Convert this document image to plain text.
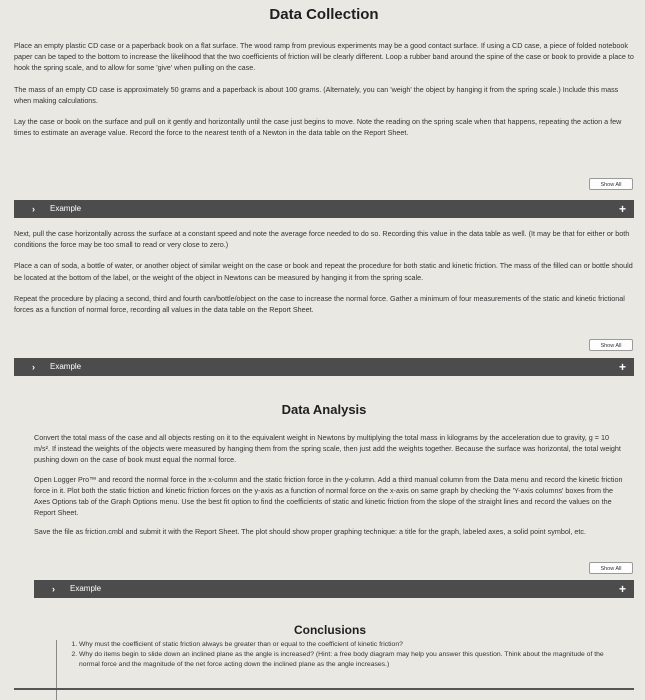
Data Collection

Place an empty plastic CD case or a paperback book on a flat surface. The wood ramp from previous experiments may be a good contact surface. If using a CD case, a piece of folded notebook paper can be taped to the bottom to increase the likelihood that the two coefficients of friction will be clearly different. Loop a rubber band around the spine of the case or book to provide a place to hook the spring scale, and to allow for some 'give' when pulling on the case.

The mass of an empty CD case is approximately 50 grams and a paperback is about 100 grams. (Alternately, you can 'weigh' the object by hanging it from the spring scale.) Include this mass when making calculations.

Lay the case or book on the surface and pull on it gently and horizontally until the case just begins to move. Note the reading on the spring scale when that happens, repeating the action a few times to estimate an average value. Record the force to the nearest tenth of a Newton in the data table on the Report Sheet.

Show All
› Example	+

Next, pull the case horizontally across the surface at a constant speed and note the average force needed to do so. Recording this value in the data table as well. (It may be that for either or both conditions the force may be too small to read or very close to zero.)

Place a can of soda, a bottle of water, or another object of similar weight on the case or book and repeat the procedure for both static and kinetic friction. The mass of the filled can or bottle should be located at the bottom of the label, or the weight of the object in Newtons can be measured by hanging it from the spring scale.

Repeat the procedure by placing a second, third and fourth can/bottle/object on the case to increase the normal force. Gather a minimum of four measurements of the static and kinetic frictional forces as a function of normal force, recording all values in the data table on the Report Sheet.

Show All
› Example	+
Data Analysis

Convert the total mass of the case and all objects resting on it to the equivalent weight in Newtons by multiplying the total mass in kilograms by the acceleration due to gravity, g = 10 m/s². If instead the weights of the objects were measured by hanging them from the spring scale, then just add the weights together. Because the surface was horizontal, the total weight pushing down on the case of book must equal the normal force.

Open Logger Pro™ and record the normal force in the x-column and the static friction force in the y-column. Add a third manual column from the Data menu and record the kinetic friction force in it. Plot both the static friction and kinetic friction forces on the y-axis as a function of normal force on the x-axis on same graph by checking the 'Y-axis columns' boxes from the Axes Options tab of the Graph Options menu. Use the best fit option to find the coefficients of static and kinetic friction from the slope of the straight lines and record the values on the Report Sheet.

Save the file as friction.cmbl and submit it with the Report Sheet. The plot should show proper graphing technique: a title for the graph, labeled axes, a solid point symbol, etc.

Show All
› Example	+
Conclusions
1. Why must the coefficient of static friction always be greater than or equal to the coefficient of kinetic friction?
2. Why do items begin to slide down an inclined plane as the angle is increased? (Hint: a free body diagram may help you answer this question. Think about the magnitude of the normal force and the magnitude of the net force acting down the inclined plane as the angle increases.)
